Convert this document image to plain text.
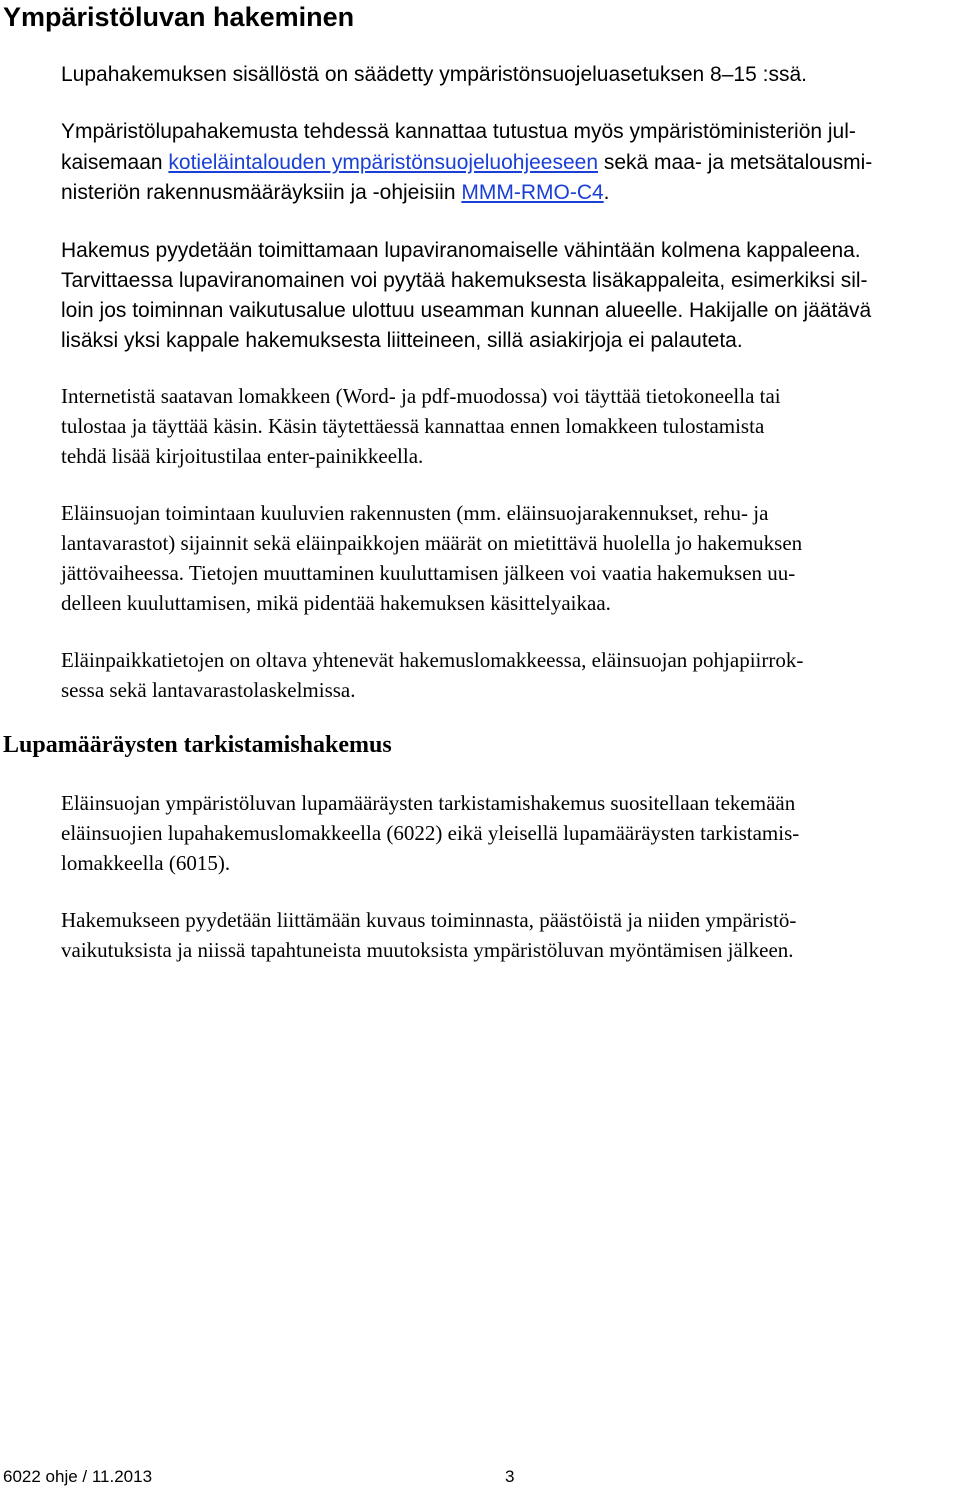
Ympäristöluvan hakeminen
Lupahakemuksen sisällöstä on säädetty ympäristönsuojeluasetuksen 8–15 :ssä.
Ympäristölupahakemusta tehdessä kannattaa tutustua myös ympäristöministeriön jul-
kaisemaan kotieläintalouden ympäristönsuojeluohjeeseen sekä maa- ja metsätalousmi-
nisteriön rakennusmääräyksiin ja -ohjeisiin MMM-RMO-C4.
Hakemus pyydetään toimittamaan lupaviranomaiselle vähintään kolmena kappaleena.
Tarvittaessa lupaviranomainen voi pyytää hakemuksesta lisäkappaleita, esimerkiksi sil-
loin jos toiminnan vaikutusalue ulottuu useamman kunnan alueelle. Hakijalle on jäätävä
lisäksi yksi kappale hakemuksesta liitteineen, sillä asiakirjoja ei palauteta.
Internetistä saatavan lomakkeen (Word- ja pdf-muodossa) voi täyttää tietokoneella tai
tulostaa ja täyttää käsin. Käsin täytettäessä kannattaa ennen lomakkeen tulostamista
tehdä lisää kirjoitustilaa enter-painikkeella.
Eläinsuojan toimintaan kuuluvien rakennusten (mm. eläinsuojarakennukset, rehu- ja
lantavarastot) sijainnit sekä eläinpaikkojen määrät on mietittävä huolella jo hakemuksen
jättövaiheessa. Tietojen muuttaminen kuuluttamisen jälkeen voi vaatia hakemuksen uu-
delleen kuuluttamisen, mikä pidentää hakemuksen käsittelyaikaa.
Eläinpaikkatietojen on oltava yhtenevät hakemuslomakkeessa, eläinsuojan pohjapiirrok-
sessa sekä lantavarastolaskelmissa.
Lupamääräysten tarkistamishakemus
Eläinsuojan ympäristöluvan lupamääräysten tarkistamishakemus suositellaan tekemään
eläinsuojien lupahakemuslomakkeella (6022) eikä yleisellä lupamääräysten tarkistamis-
lomakkeella (6015).
Hakemukseen pyydetään liittämään kuvaus toiminnasta, päästöistä ja niiden ympäristö-
vaikutuksista ja niissä tapahtuneista muutoksista ympäristöluvan myöntämisen jälkeen.
6022 ohje / 11.2013	3
